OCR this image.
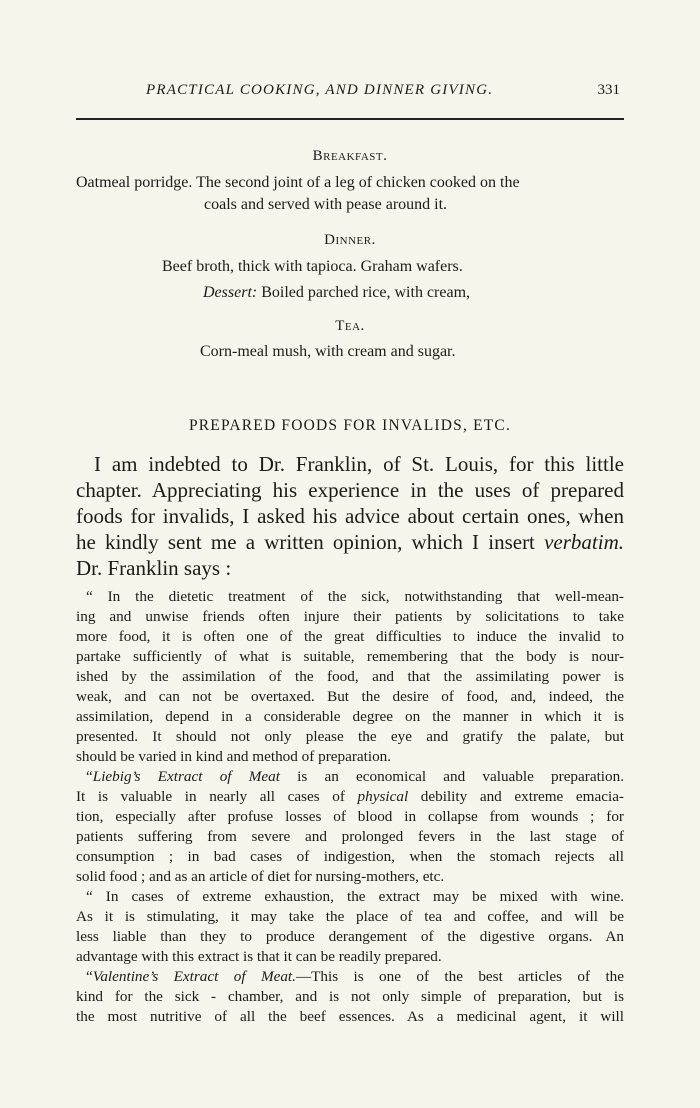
PRACTICAL COOKING, AND DINNER GIVING.	331
Breakfast.
Oatmeal porridge. The second joint of a leg of chicken cooked on the
coals and served with pease around it.
Dinner.
Beef broth, thick with tapioca. Graham wafers.
Dessert: Boiled parched rice, with cream,
Tea.
Corn-meal mush, with cream and sugar.
PREPARED FOODS FOR INVALIDS, ETC.
I am indebted to Dr. Franklin, of St. Louis, for this little
chapter. Appreciating his experience in the uses of prepared
foods for invalids, I asked his advice about certain ones, when
he kindly sent me a written opinion, which I insert verbatim.
Dr. Franklin says :
“ In the dietetic treatment of the sick, notwithstanding that well-mean-
ing and unwise friends often injure their patients by solicitations to take
more food, it is often one of the great difficulties to induce the invalid to
partake sufficiently of what is suitable, remembering that the body is nour-
ished by the assimilation of the food, and that the assimilating power is
weak, and can not be overtaxed. But the desire of food, and, indeed, the
assimilation, depend in a considerable degree on the manner in which it is
presented. It should not only please the eye and gratify the palate, but
should be varied in kind and method of preparation.
“Liebig’s Extract of Meat is an economical and valuable preparation.
It is valuable in nearly all cases of physical debility and extreme emacia-
tion, especially after profuse losses of blood in collapse from wounds ; for
patients suffering from severe and prolonged fevers in the last stage of
consumption ; in bad cases of indigestion, when the stomach rejects all
solid food ; and as an article of diet for nursing-mothers, etc.
“ In cases of extreme exhaustion, the extract may be mixed with wine.
As it is stimulating, it may take the place of tea and coffee, and will be
less liable than they to produce derangement of the digestive organs. An
advantage with this extract is that it can be readily prepared.
“Valentine’s Extract of Meat.—This is one of the best articles of the
kind for the sick - chamber, and is not only simple of preparation, but is
the most nutritive of all the beef essences. As a medicinal agent, it will
